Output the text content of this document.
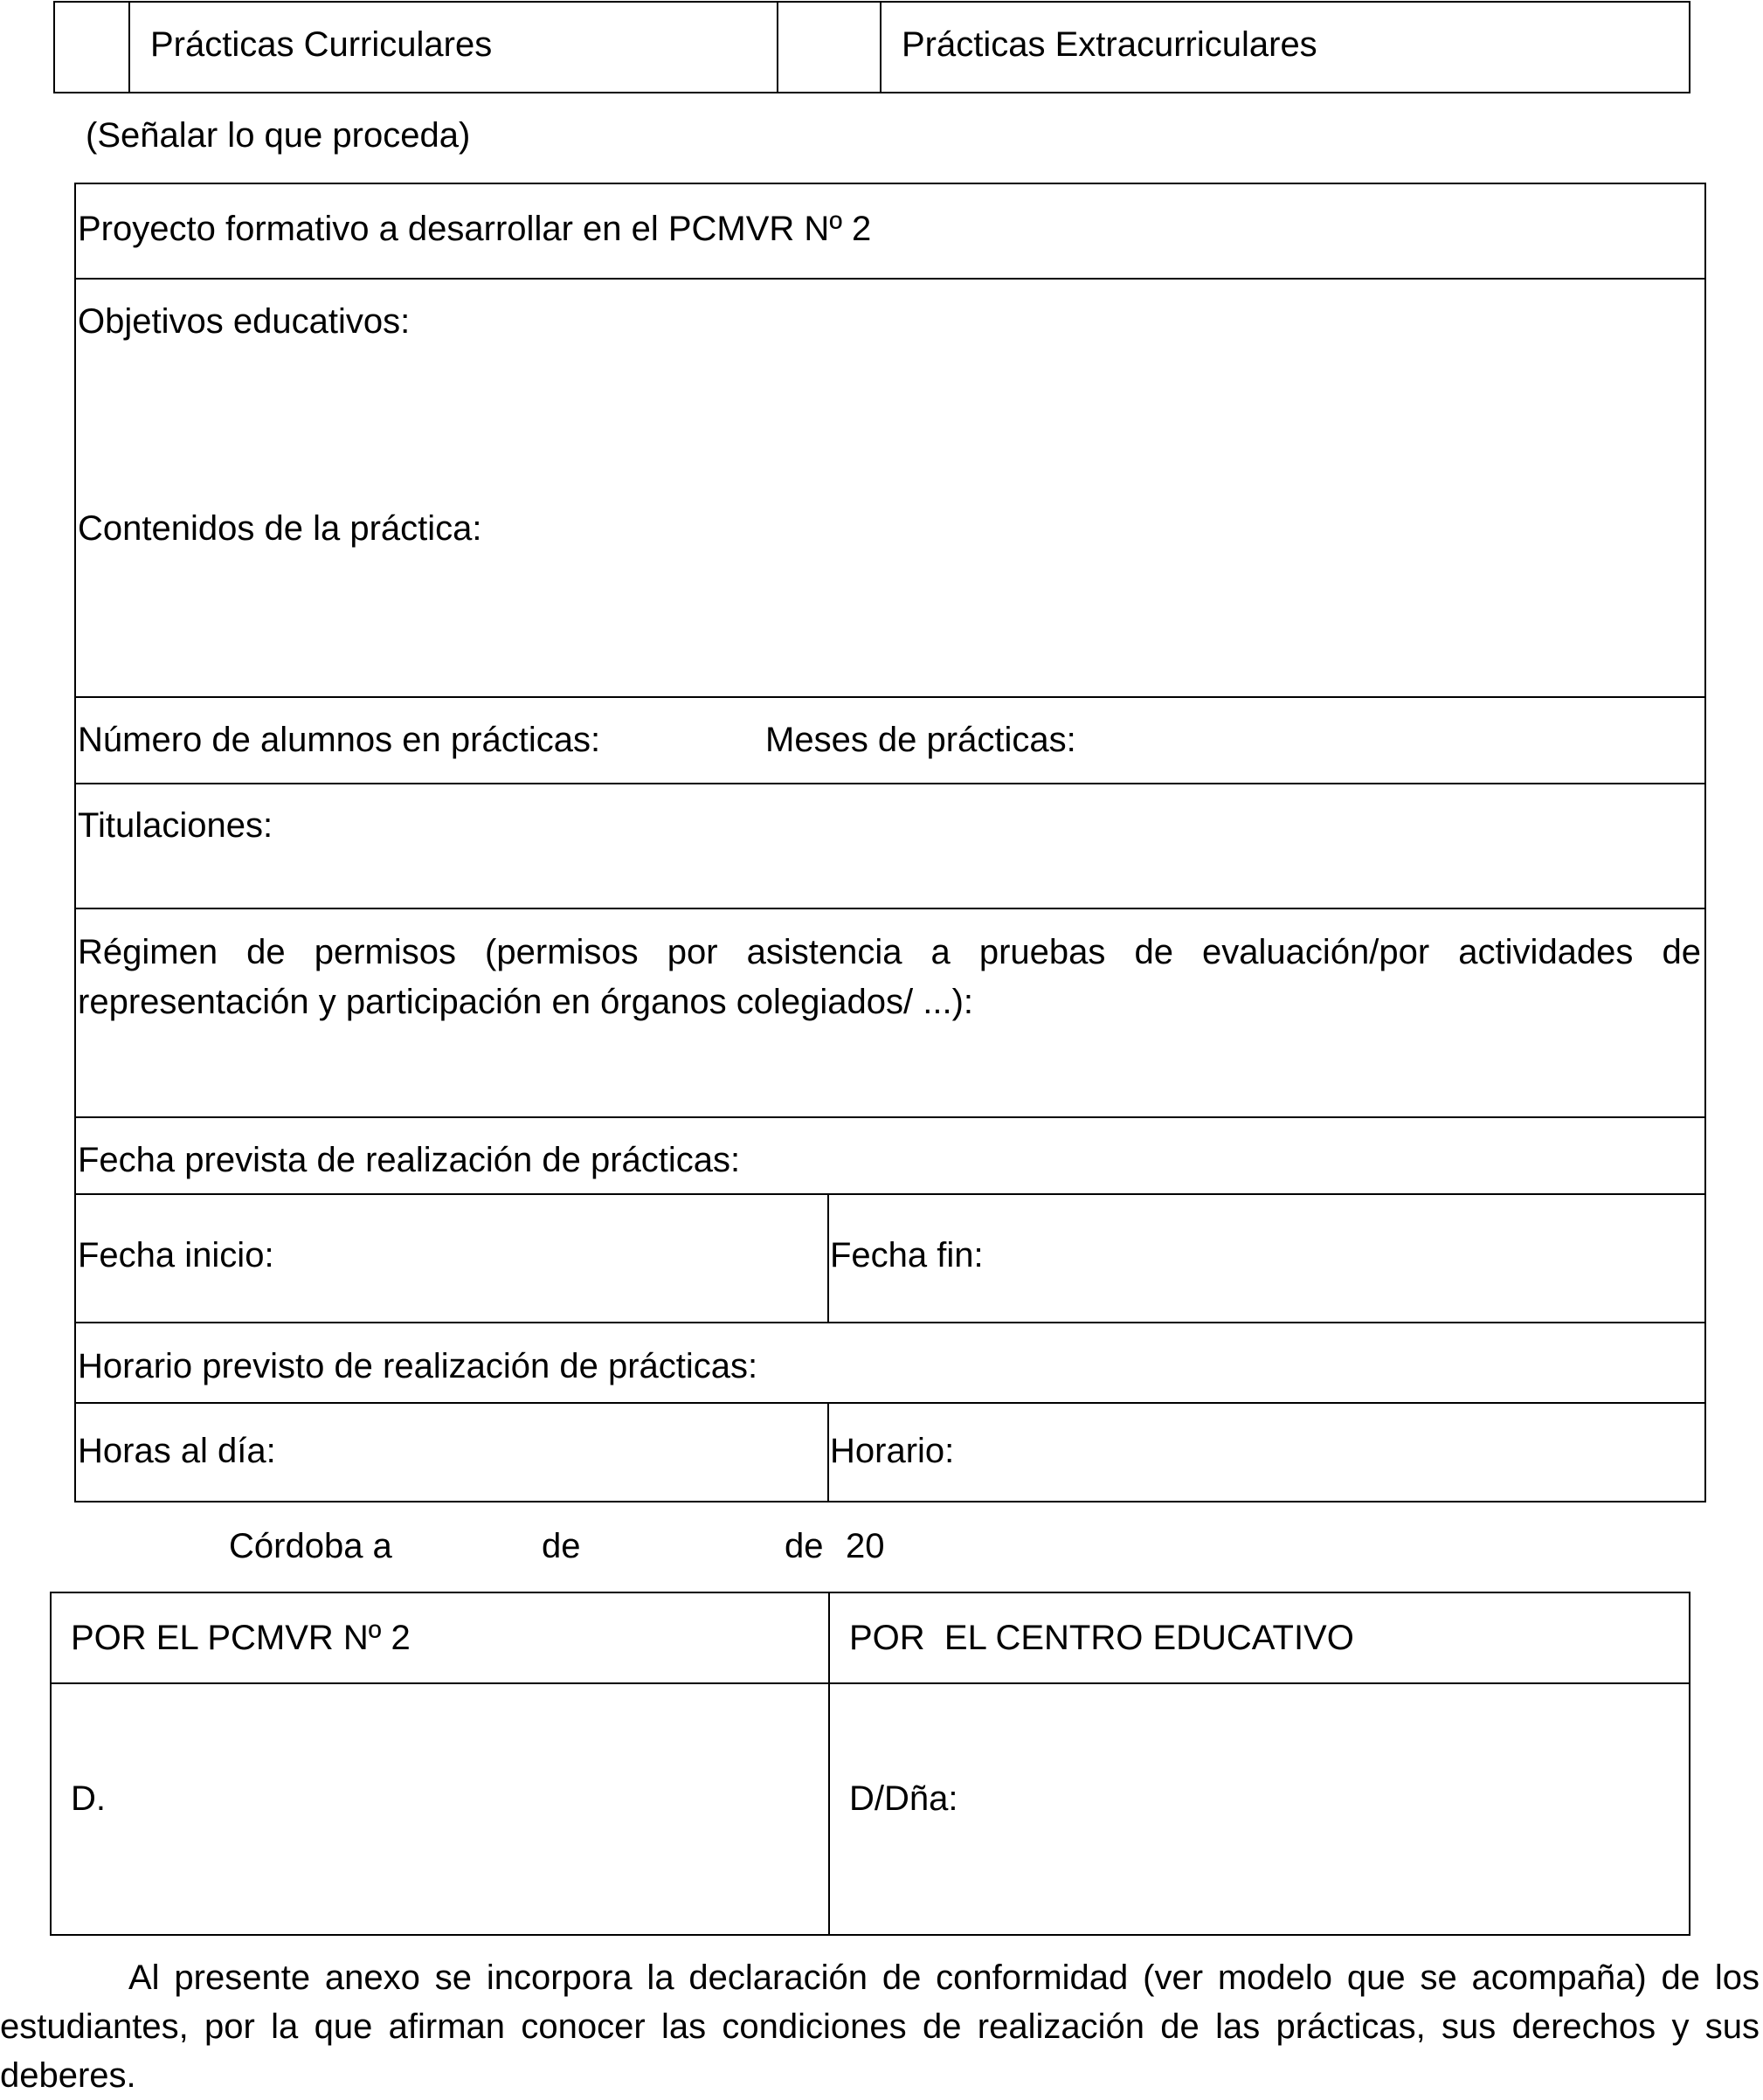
Prácticas Curriculares	Prácticas Extracurriculares
(Señalar lo que proceda)
Proyecto formativo a desarrollar en el PCMVR Nº 2
Objetivos educativos:
Contenidos de la práctica:
Número de alumnos en prácticas:	Meses de prácticas:
Titulaciones:
Régimen de permisos (permisos por asistencia a pruebas de evaluación/por actividades de
representación y participación en órganos colegiados/ ...):
Fecha prevista de realización de prácticas:
Fecha inicio:	Fecha fin:
Horario previsto de realización de prácticas:
Horas al día:	Horario:
Córdoba a	de	de 20
POR EL PCMVR Nº 2	POR  EL CENTRO EDUCATIVO
D.	D/Dña:
Al presente anexo se incorpora la declaración de conformidad (ver modelo que se acompaña) de los estudiantes, por la que afirman conocer las condiciones de realización de las prácticas, sus derechos y sus deberes.
